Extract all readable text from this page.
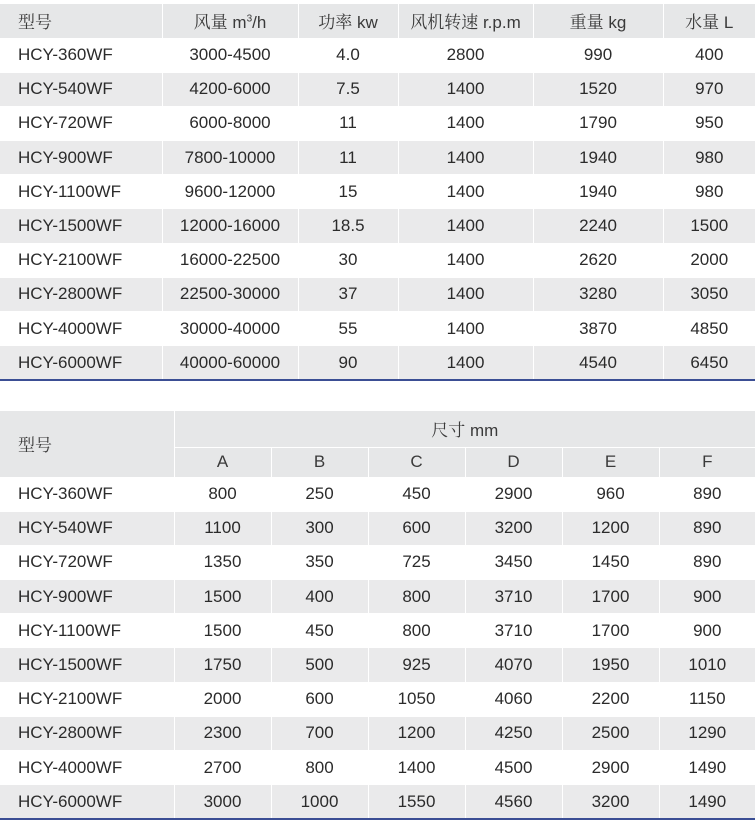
型号	风量 $m^3/h$	功率 kw	风机转速 r.p.m	重量 kg	水量 L
HCY-360WF	3000-4500	4.0	2800	990	400
HCY-540WF	4200-6000	7.5	1400	1520	970
HCY-720WF	6000-8000	11	1400	1790	950
HCY-900WF	7800-10000	11	1400	1940	980
HCY-1100WF	9600-12000	15	1400	1940	980
HCY-1500WF	12000-16000	18.5	1400	2240	1500
HCY-2100WF	16000-22500	30	1400	2620	2000
HCY-2800WF	22500-30000	37	1400	3280	3050
HCY-4000WF	30000-40000	55	1400	3870	4850
HCY-6000WF	40000-60000	90	1400	4540	6450
型号	尺寸 mm					
	A	B	C	D	E	F
HCY-360WF	800	250	450	2900	960	890
HCY-540WF	1100	300	600	3200	1200	890
HCY-720WF	1350	350	725	3450	1450	890
HCY-900WF	1500	400	800	3710	1700	900
HCY-1100WF	1500	450	800	3710	1700	900
HCY-1500WF	1750	500	925	4070	1950	1010
HCY-2100WF	2000	600	1050	4060	2200	1150
HCY-2800WF	2300	700	1200	4250	2500	1290
HCY-4000WF	2700	800	1400	4500	2900	1490
HCY-6000WF	3000	1000	1550	4560	3200	1490
